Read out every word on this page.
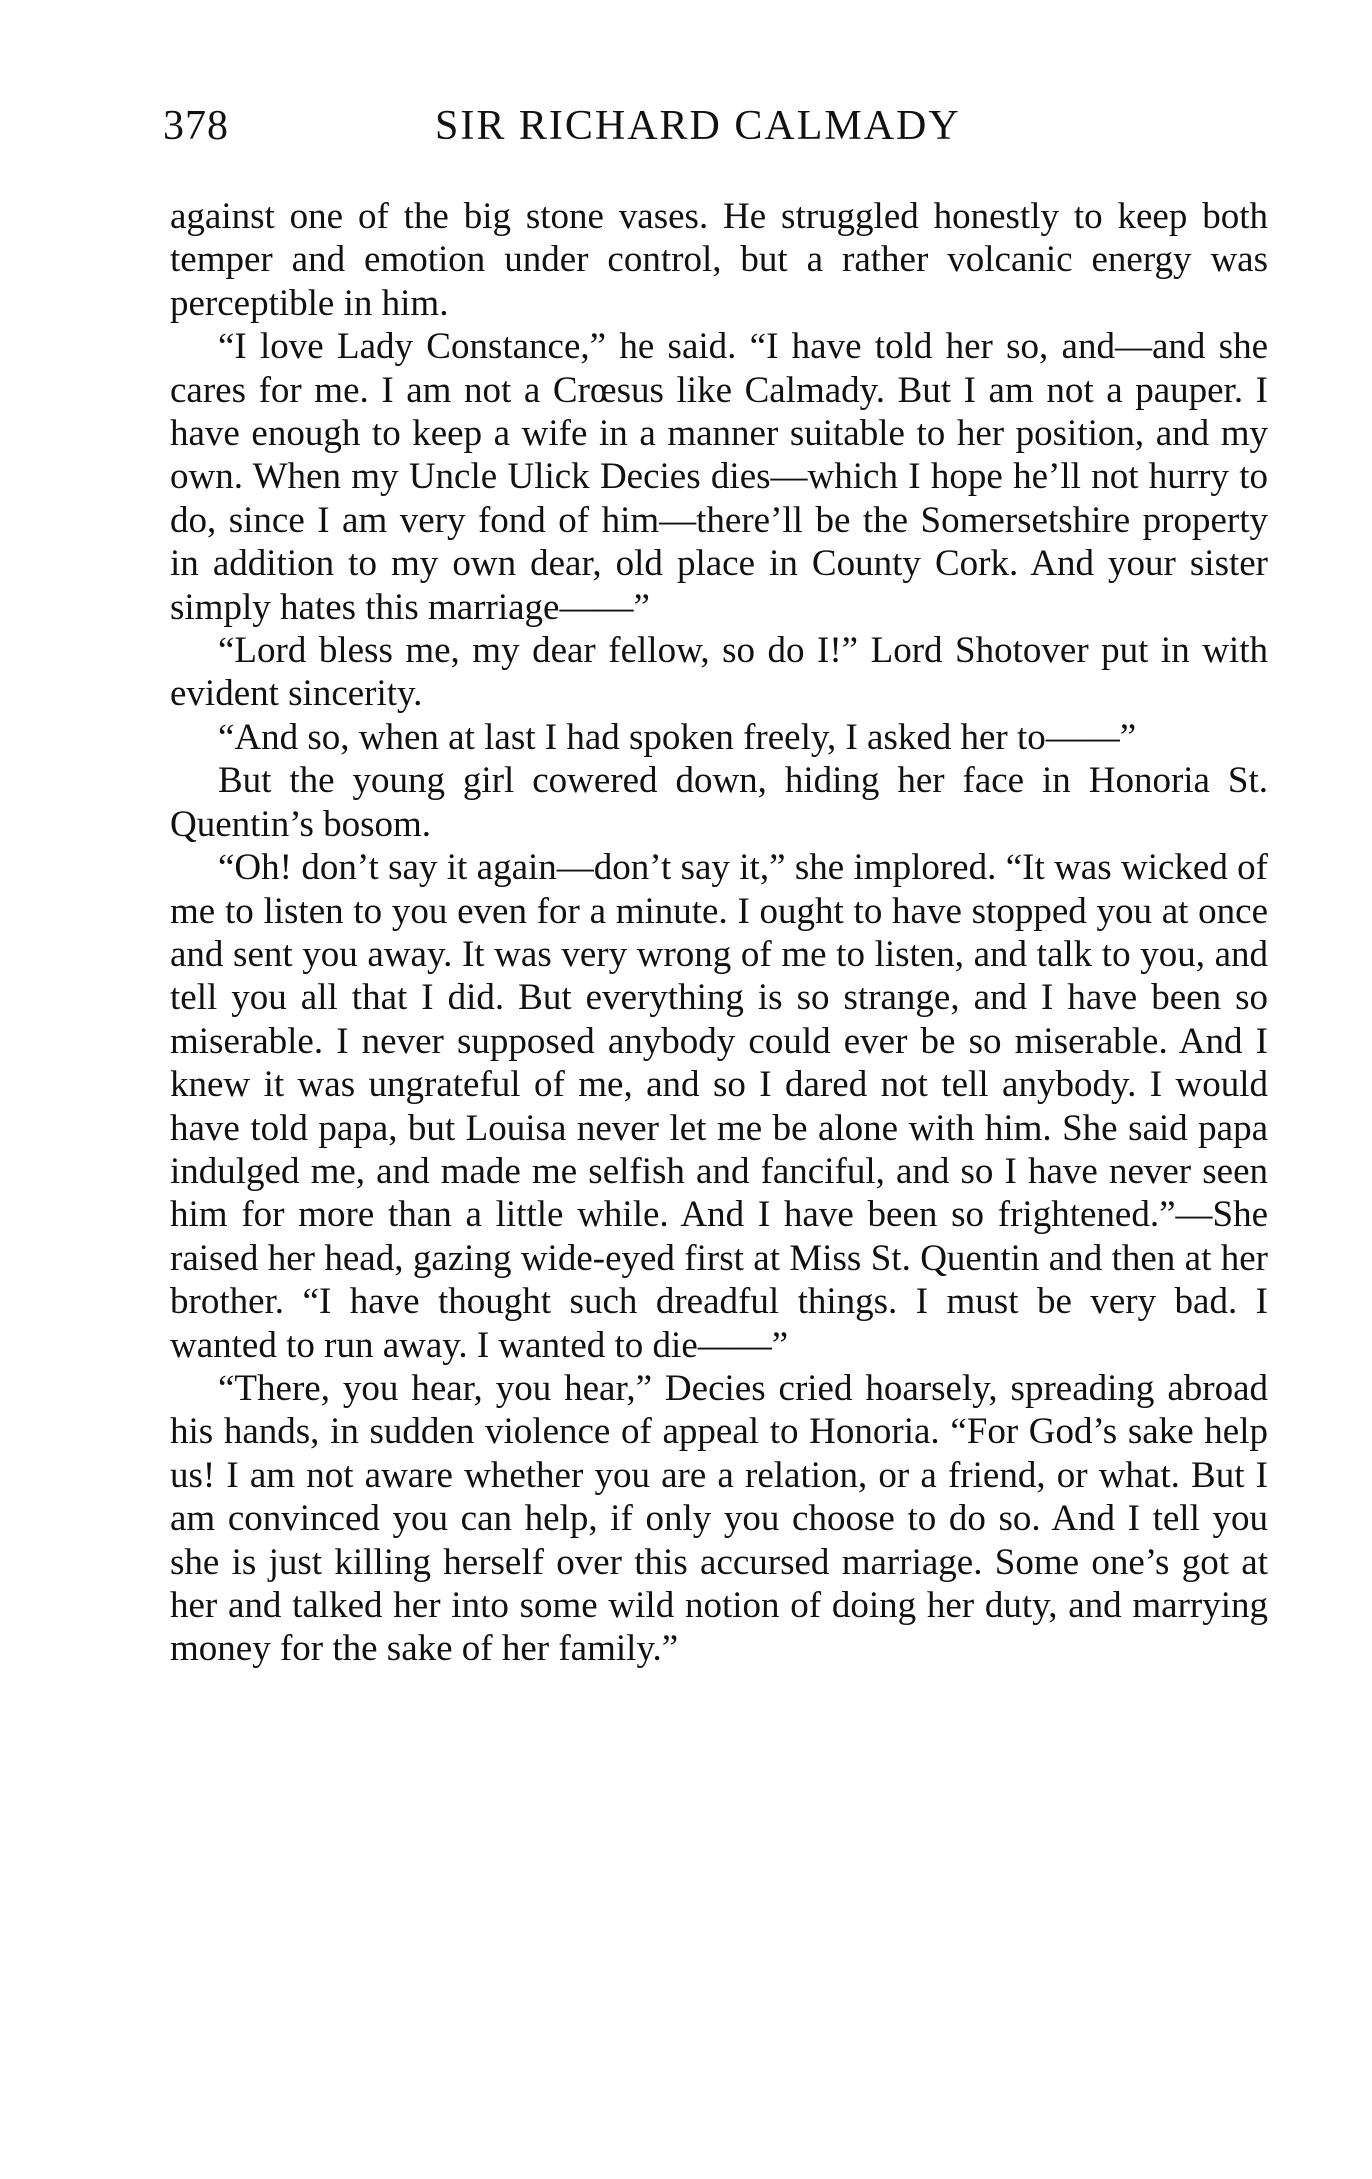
378	SIR RICHARD CALMADY

against one of the big stone vases. He struggled honestly to keep both temper and emotion under control, but a rather volcanic energy was perceptible in him.

“I love Lady Constance,” he said. “I have told her so, and—and she cares for me. I am not a Crœsus like Calmady. But I am not a pauper. I have enough to keep a wife in a manner suitable to her position, and my own. When my Uncle Ulick Decies dies—which I hope he’ll not hurry to do, since I am very fond of him—there’ll be the Somersetshire property in addition to my own dear, old place in County Cork. And your sister simply hates this marriage——”

“Lord bless me, my dear fellow, so do I!” Lord Shotover put in with evident sincerity.

“And so, when at last I had spoken freely, I asked her to——”

But the young girl cowered down, hiding her face in Honoria St. Quentin’s bosom.

“Oh! don’t say it again—don’t say it,” she implored. “It was wicked of me to listen to you even for a minute. I ought to have stopped you at once and sent you away. It was very wrong of me to listen, and talk to you, and tell you all that I did. But everything is so strange, and I have been so miserable. I never supposed anybody could ever be so miserable. And I knew it was ungrateful of me, and so I dared not tell anybody. I would have told papa, but Louisa never let me be alone with him. She said papa indulged me, and made me selfish and fanciful, and so I have never seen him for more than a little while. And I have been so frightened.”—She raised her head, gazing wide-eyed first at Miss St. Quentin and then at her brother. “I have thought such dreadful things. I must be very bad. I wanted to run away. I wanted to die——”

“There, you hear, you hear,” Decies cried hoarsely, spreading abroad his hands, in sudden violence of appeal to Honoria. “For God’s sake help us! I am not aware whether you are a relation, or a friend, or what. But I am convinced you can help, if only you choose to do so. And I tell you she is just killing herself over this accursed marriage. Some one’s got at her and talked her into some wild notion of doing her duty, and marrying money for the sake of her family.”
